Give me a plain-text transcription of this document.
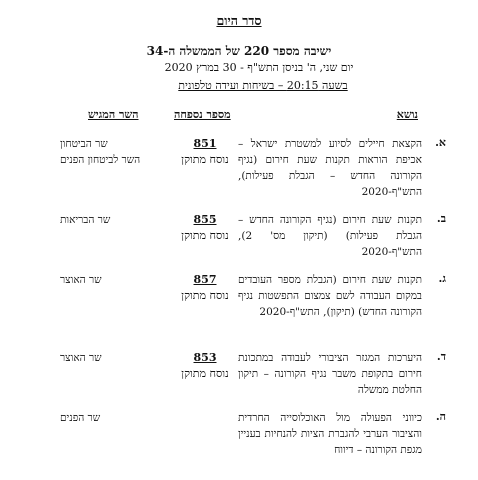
סדר היום
ישיבה מספר 220 של הממשלה ה-34
יום שני, ה' בניסן התש"ף - 30 במרץ 2020
בשעה 20:15 – בשיחות ועידה טלפונית
נושא
מספר נספחה
השר המגיש
א.
הקצאת חיילים לסיוע למשטרת ישראל – אכיפת הוראות תקנות שעת חירום (נגיף הקורונה החדש – הגבלת פעילות), התש"ף-2020
851
נוסח מתוקן
שר הביטחון
השר לביטחון הפנים
ב.
תקנות שעת חירום (נגיף הקורונה החדש – הגבלת פעילות) (תיקון מס' 2), התש"ף-2020
855
נוסח מתוקן
שר הבריאות
ג.
תקנות שעת חירום (הגבלת מספר העובדים במקום העבודה לשם צמצום התפשטות נגיף הקורונה החדש) (תיקון), התש"ף-2020
857
נוסח מתוקן
שר האוצר
ד.
היערכות המגזר הציבורי לעבודה במתכונת חירום בתקופת משבר נגיף הקורונה – תיקון החלטת ממשלה
853
נוסח מתוקן
שר האוצר
ה.
כיווני הפעולה מול האוכלוסייה החרדית והציבור הערבי להגברת הציות להנחיות בעניין מגפת הקורונה – דיווח
שר הפנים
